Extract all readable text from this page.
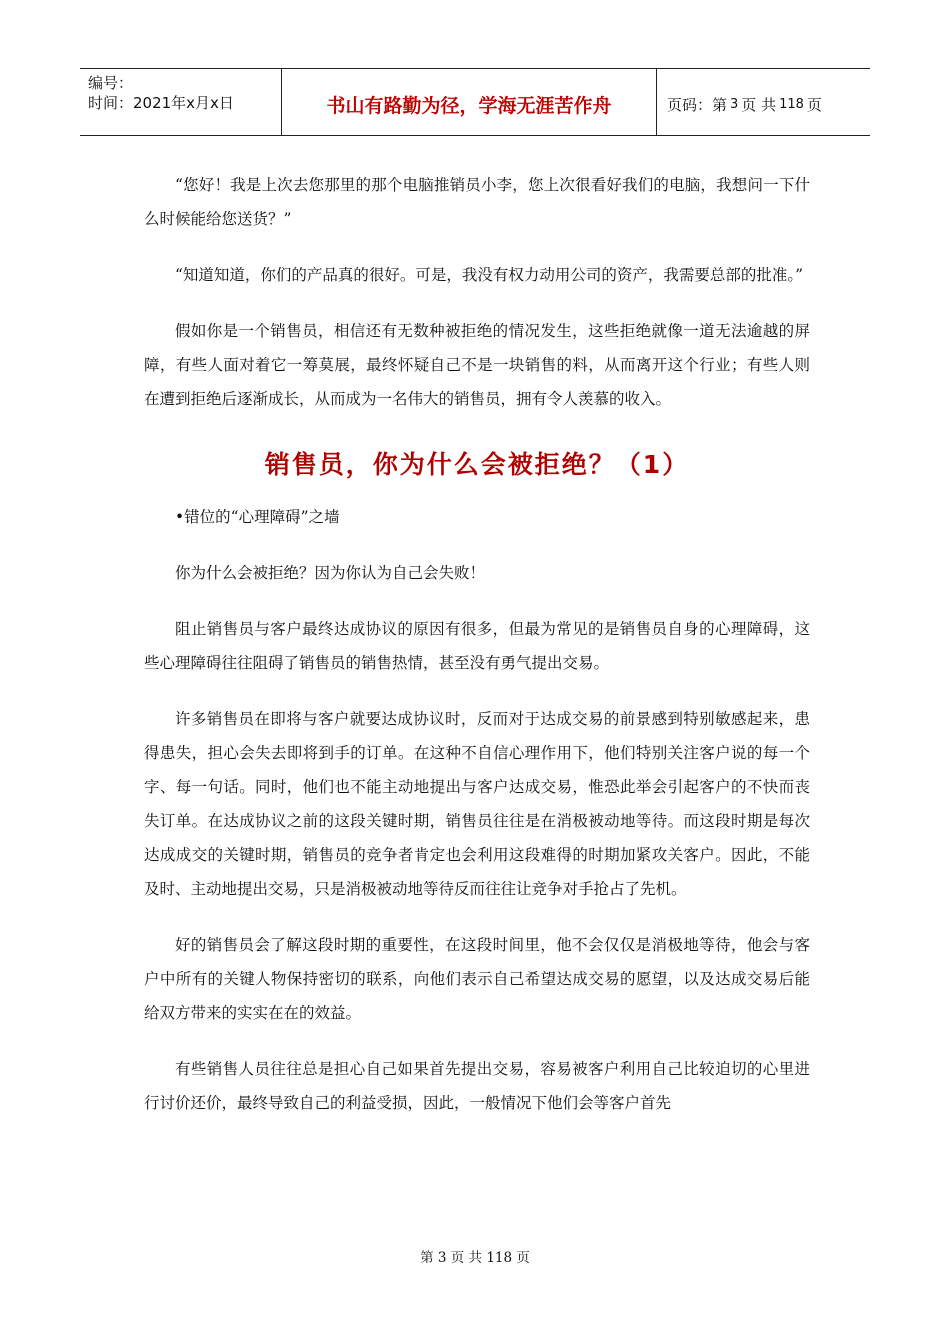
编号：
时间：2021年x月x日	书山有路勤为径，学海无涯苦作舟	页码：第 3 页 共 118 页

“您好！我是上次去您那里的那个电脑推销员小李，您上次很看好我们的电脑，我想问一下什么时候能给您送货？”

“知道知道，你们的产品真的很好。可是，我没有权力动用公司的资产，我需要总部的批准。”

假如你是一个销售员，相信还有无数种被拒绝的情况发生，这些拒绝就像一道无法逾越的屏障，有些人面对着它一筹莫展，最终怀疑自己不是一块销售的料，从而离开这个行业；有些人则在遭到拒绝后逐渐成长，从而成为一名伟大的销售员，拥有令人羡慕的收入。

销售员，你为什么会被拒绝？（1）

•错位的“心理障碍”之墙

你为什么会被拒绝？因为你认为自己会失败！

阻止销售员与客户最终达成协议的原因有很多，但最为常见的是销售员自身的心理障碍，这些心理障碍往往阻碍了销售员的销售热情，甚至没有勇气提出交易。

许多销售员在即将与客户就要达成协议时，反而对于达成交易的前景感到特别敏感起来，患得患失，担心会失去即将到手的订单。在这种不自信心理作用下，他们特别关注客户说的每一个字、每一句话。同时，他们也不能主动地提出与客户达成交易，惟恐此举会引起客户的不快而丧失订单。在达成协议之前的这段关键时期，销售员往往是在消极被动地等待。而这段时期是每次达成成交的关键时期，销售员的竞争者肯定也会利用这段难得的时期加紧攻关客户。因此，不能及时、主动地提出交易，只是消极被动地等待反而往往让竞争对手抢占了先机。

好的销售员会了解这段时期的重要性，在这段时间里，他不会仅仅是消极地等待，他会与客户中所有的关键人物保持密切的联系，向他们表示自己希望达成交易的愿望，以及达成交易后能给双方带来的实实在在的效益。

有些销售人员往往总是担心自己如果首先提出交易，容易被客户利用自己比较迫切的心里进行讨价还价，最终导致自己的利益受损，因此，一般情况下他们会等客户首先

第 3 页 共 118 页
